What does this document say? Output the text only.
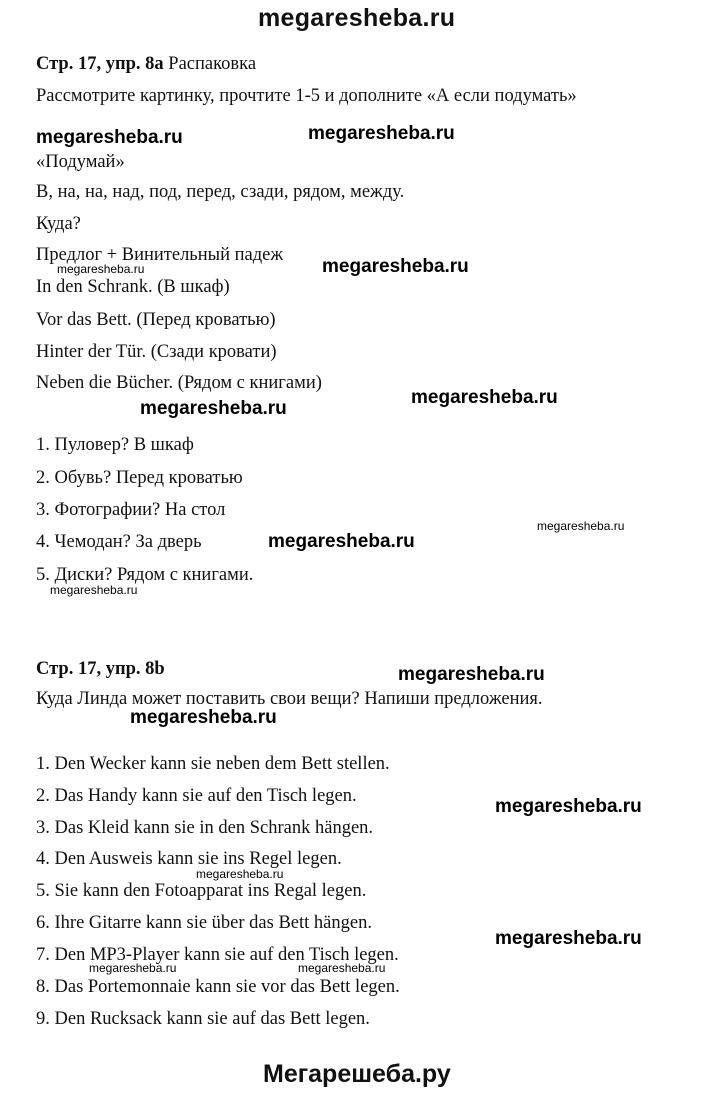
megaresheba.ru
Стр. 17, упр. 8а Распаковка
Рассмотрите картинку, прочтите 1-5 и дополните «А если подумать»
«Подумай»
В, на, на, над, под, перед, сзади, рядом, между.
Куда?
Предлог + Винительный падеж
In den Schrank. (В шкаф)
Vor das Bett. (Перед кроватью)
Hinter der Tür. (Сзади кровати)
Neben die Bücher. (Рядом с книгами)
1. Пуловер? В шкаф
2. Обувь? Перед кроватью
3. Фотографии? На стол
4. Чемодан? За дверь
5. Диски? Рядом с книгами.
Стр. 17, упр. 8b
Куда Линда может поставить свои вещи? Напиши предложения.
1. Den Wecker kann sie neben dem Bett stellen.
2. Das Handy kann sie auf den Tisch legen.
3. Das Kleid kann sie in den Schrank hängen.
4. Den Ausweis kann sie ins Regel legen.
5. Sie kann den Fotoapparat ins Regal legen.
6. Ihre Gitarre kann sie über das Bett hängen.
7. Den MP3-Player kann sie auf den Tisch legen.
8. Das Portemonnaie kann sie vor das Bett legen.
9. Den Rucksack kann sie auf das Bett legen.
megaresheba.ru	megaresheba.ru
megaresheba.ru
megaresheba.ru
megaresheba.ru
megaresheba.ru
megaresheba.ru
megaresheba.ru
megaresheba.ru
megaresheba.ru
megaresheba.ru
megaresheba.ru
megaresheba.ru
megaresheba.ru
megaresheba.ru	megaresheba.ru
Мегарешеба.ру
